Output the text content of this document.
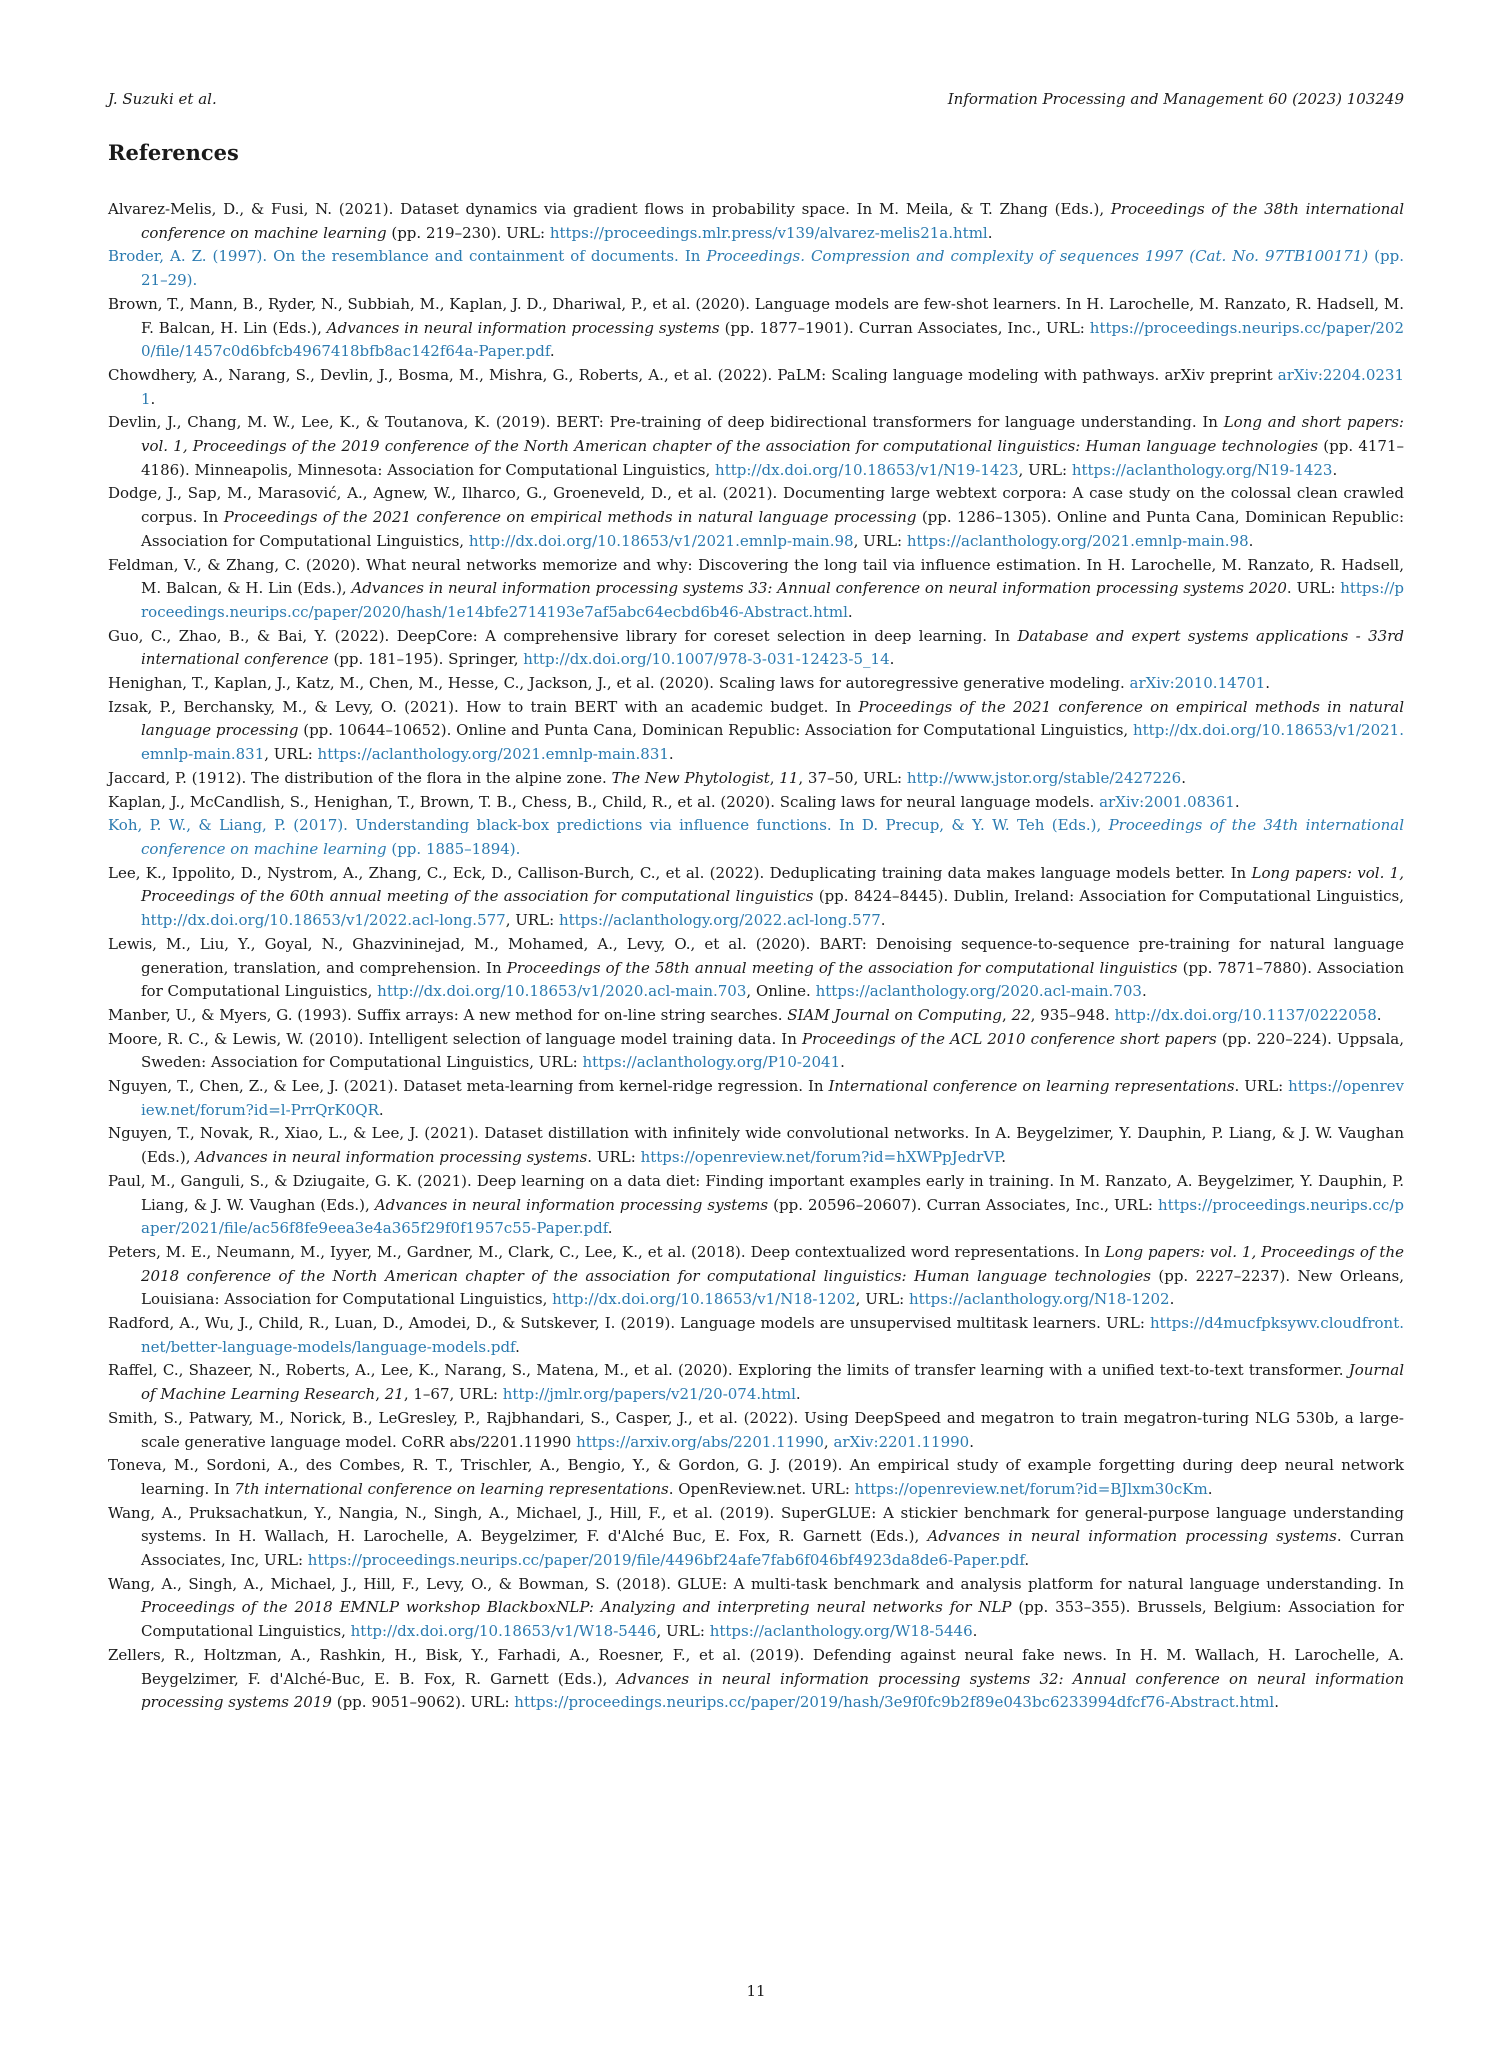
J. Suzuki et al.	Information Processing and Management 60 (2023) 103249
References
Alvarez-Melis, D., & Fusi, N. (2021). Dataset dynamics via gradient flows in probability space. In M. Meila, & T. Zhang (Eds.), Proceedings of the 38th international conference on machine learning (pp. 219–230). URL: https://proceedings.mlr.press/v139/alvarez-melis21a.html.
Broder, A. Z. (1997). On the resemblance and containment of documents. In Proceedings. Compression and complexity of sequences 1997 (Cat. No. 97TB100171) (pp. 21–29).
Brown, T., Mann, B., Ryder, N., Subbiah, M., Kaplan, J. D., Dhariwal, P., et al. (2020). Language models are few-shot learners. In H. Larochelle, M. Ranzato, R. Hadsell, M. F. Balcan, H. Lin (Eds.), Advances in neural information processing systems (pp. 1877–1901). Curran Associates, Inc., URL: https://proceedings.neurips.cc/paper/2020/file/1457c0d6bfcb4967418bfb8ac142f64a-Paper.pdf.
Chowdhery, A., Narang, S., Devlin, J., Bosma, M., Mishra, G., Roberts, A., et al. (2022). PaLM: Scaling language modeling with pathways. arXiv preprint arXiv:2204.02311.
Devlin, J., Chang, M. W., Lee, K., & Toutanova, K. (2019). BERT: Pre-training of deep bidirectional transformers for language understanding. In Long and short papers: vol. 1, Proceedings of the 2019 conference of the North American chapter of the association for computational linguistics: Human language technologies (pp. 4171–4186). Minneapolis, Minnesota: Association for Computational Linguistics, http://dx.doi.org/10.18653/v1/N19-1423, URL: https://aclanthology.org/N19-1423.
Dodge, J., Sap, M., Marasović, A., Agnew, W., Ilharco, G., Groeneveld, D., et al. (2021). Documenting large webtext corpora: A case study on the colossal clean crawled corpus. In Proceedings of the 2021 conference on empirical methods in natural language processing (pp. 1286–1305). Online and Punta Cana, Dominican Republic: Association for Computational Linguistics, http://dx.doi.org/10.18653/v1/2021.emnlp-main.98, URL: https://aclanthology.org/2021.emnlp-main.98.
Feldman, V., & Zhang, C. (2020). What neural networks memorize and why: Discovering the long tail via influence estimation. In H. Larochelle, M. Ranzato, R. Hadsell, M. Balcan, & H. Lin (Eds.), Advances in neural information processing systems 33: Annual conference on neural information processing systems 2020. URL: https://proceedings.neurips.cc/paper/2020/hash/1e14bfe2714193e7af5abc64ecbd6b46-Abstract.html.
Guo, C., Zhao, B., & Bai, Y. (2022). DeepCore: A comprehensive library for coreset selection in deep learning. In Database and expert systems applications - 33rd international conference (pp. 181–195). Springer, http://dx.doi.org/10.1007/978-3-031-12423-5_14.
Henighan, T., Kaplan, J., Katz, M., Chen, M., Hesse, C., Jackson, J., et al. (2020). Scaling laws for autoregressive generative modeling. arXiv:2010.14701.
Izsak, P., Berchansky, M., & Levy, O. (2021). How to train BERT with an academic budget. In Proceedings of the 2021 conference on empirical methods in natural language processing (pp. 10644–10652). Online and Punta Cana, Dominican Republic: Association for Computational Linguistics, http://dx.doi.org/10.18653/v1/2021.emnlp-main.831, URL: https://aclanthology.org/2021.emnlp-main.831.
Jaccard, P. (1912). The distribution of the flora in the alpine zone. The New Phytologist, 11, 37–50, URL: http://www.jstor.org/stable/2427226.
Kaplan, J., McCandlish, S., Henighan, T., Brown, T. B., Chess, B., Child, R., et al. (2020). Scaling laws for neural language models. arXiv:2001.08361.
Koh, P. W., & Liang, P. (2017). Understanding black-box predictions via influence functions. In D. Precup, & Y. W. Teh (Eds.), Proceedings of the 34th international conference on machine learning (pp. 1885–1894).
Lee, K., Ippolito, D., Nystrom, A., Zhang, C., Eck, D., Callison-Burch, C., et al. (2022). Deduplicating training data makes language models better. In Long papers: vol. 1, Proceedings of the 60th annual meeting of the association for computational linguistics (pp. 8424–8445). Dublin, Ireland: Association for Computational Linguistics, http://dx.doi.org/10.18653/v1/2022.acl-long.577, URL: https://aclanthology.org/2022.acl-long.577.
Lewis, M., Liu, Y., Goyal, N., Ghazvininejad, M., Mohamed, A., Levy, O., et al. (2020). BART: Denoising sequence-to-sequence pre-training for natural language generation, translation, and comprehension. In Proceedings of the 58th annual meeting of the association for computational linguistics (pp. 7871–7880). Association for Computational Linguistics, http://dx.doi.org/10.18653/v1/2020.acl-main.703, Online. https://aclanthology.org/2020.acl-main.703.
Manber, U., & Myers, G. (1993). Suffix arrays: A new method for on-line string searches. SIAM Journal on Computing, 22, 935–948. http://dx.doi.org/10.1137/0222058.
Moore, R. C., & Lewis, W. (2010). Intelligent selection of language model training data. In Proceedings of the ACL 2010 conference short papers (pp. 220–224). Uppsala, Sweden: Association for Computational Linguistics, URL: https://aclanthology.org/P10-2041.
Nguyen, T., Chen, Z., & Lee, J. (2021). Dataset meta-learning from kernel-ridge regression. In International conference on learning representations. URL: https://openreview.net/forum?id=l-PrrQrK0QR.
Nguyen, T., Novak, R., Xiao, L., & Lee, J. (2021). Dataset distillation with infinitely wide convolutional networks. In A. Beygelzimer, Y. Dauphin, P. Liang, & J. W. Vaughan (Eds.), Advances in neural information processing systems. URL: https://openreview.net/forum?id=hXWPpJedrVP.
Paul, M., Ganguli, S., & Dziugaite, G. K. (2021). Deep learning on a data diet: Finding important examples early in training. In M. Ranzato, A. Beygelzimer, Y. Dauphin, P. Liang, & J. W. Vaughan (Eds.), Advances in neural information processing systems (pp. 20596–20607). Curran Associates, Inc., URL: https://proceedings.neurips.cc/paper/2021/file/ac56f8fe9eea3e4a365f29f0f1957c55-Paper.pdf.
Peters, M. E., Neumann, M., Iyyer, M., Gardner, M., Clark, C., Lee, K., et al. (2018). Deep contextualized word representations. In Long papers: vol. 1, Proceedings of the 2018 conference of the North American chapter of the association for computational linguistics: Human language technologies (pp. 2227–2237). New Orleans, Louisiana: Association for Computational Linguistics, http://dx.doi.org/10.18653/v1/N18-1202, URL: https://aclanthology.org/N18-1202.
Radford, A., Wu, J., Child, R., Luan, D., Amodei, D., & Sutskever, I. (2019). Language models are unsupervised multitask learners. URL: https://d4mucfpksywv.cloudfront.net/better-language-models/language-models.pdf.
Raffel, C., Shazeer, N., Roberts, A., Lee, K., Narang, S., Matena, M., et al. (2020). Exploring the limits of transfer learning with a unified text-to-text transformer. Journal of Machine Learning Research, 21, 1–67, URL: http://jmlr.org/papers/v21/20-074.html.
Smith, S., Patwary, M., Norick, B., LeGresley, P., Rajbhandari, S., Casper, J., et al. (2022). Using DeepSpeed and megatron to train megatron-turing NLG 530b, a large-scale generative language model. CoRR abs/2201.11990 https://arxiv.org/abs/2201.11990, arXiv:2201.11990.
Toneva, M., Sordoni, A., des Combes, R. T., Trischler, A., Bengio, Y., & Gordon, G. J. (2019). An empirical study of example forgetting during deep neural network learning. In 7th international conference on learning representations. OpenReview.net. URL: https://openreview.net/forum?id=BJlxm30cKm.
Wang, A., Pruksachatkun, Y., Nangia, N., Singh, A., Michael, J., Hill, F., et al. (2019). SuperGLUE: A stickier benchmark for general-purpose language understanding systems. In H. Wallach, H. Larochelle, A. Beygelzimer, F. d'Alché Buc, E. Fox, R. Garnett (Eds.), Advances in neural information processing systems. Curran Associates, Inc, URL: https://proceedings.neurips.cc/paper/2019/file/4496bf24afe7fab6f046bf4923da8de6-Paper.pdf.
Wang, A., Singh, A., Michael, J., Hill, F., Levy, O., & Bowman, S. (2018). GLUE: A multi-task benchmark and analysis platform for natural language understanding. In Proceedings of the 2018 EMNLP workshop BlackboxNLP: Analyzing and interpreting neural networks for NLP (pp. 353–355). Brussels, Belgium: Association for Computational Linguistics, http://dx.doi.org/10.18653/v1/W18-5446, URL: https://aclanthology.org/W18-5446.
Zellers, R., Holtzman, A., Rashkin, H., Bisk, Y., Farhadi, A., Roesner, F., et al. (2019). Defending against neural fake news. In H. M. Wallach, H. Larochelle, A. Beygelzimer, F. d'Alché-Buc, E. B. Fox, R. Garnett (Eds.), Advances in neural information processing systems 32: Annual conference on neural information processing systems 2019 (pp. 9051–9062). URL: https://proceedings.neurips.cc/paper/2019/hash/3e9f0fc9b2f89e043bc6233994dfcf76-Abstract.html.
11
